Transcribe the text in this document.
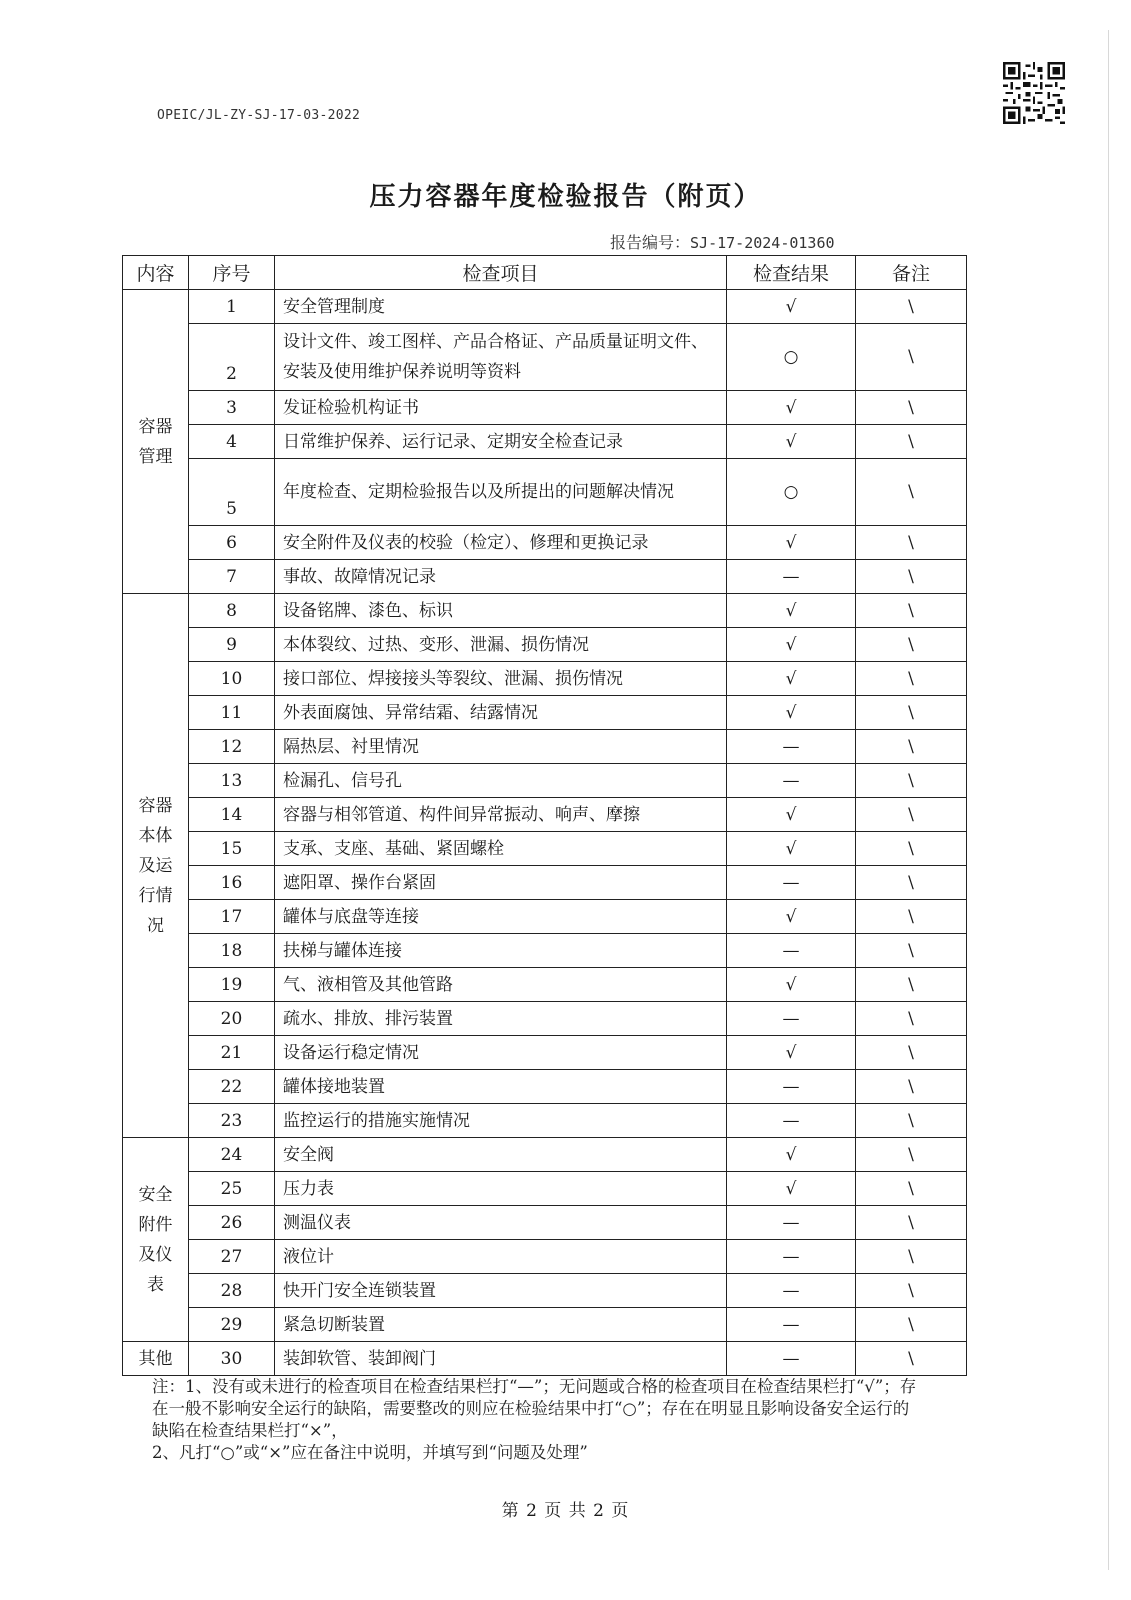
OPEIC/JL-ZY-SJ-17-03-2022
压力容器年度检验报告（附页）
报告编号：SJ-17-2024-01360
内容	序号	检查项目	检查结果	备注
容器管理	1	安全管理制度	√	\
	2	设计文件、竣工图样、产品合格证、产品质量证明文件、安装及使用维护保养说明等资料	○	\
	3	发证检验机构证书	√	\
	4	日常维护保养、运行记录、定期安全检查记录	√	\
	5	年度检查、定期检验报告以及所提出的问题解决情况	○	\
	6	安全附件及仪表的校验（检定）、修理和更换记录	√	\
	7	事故、故障情况记录	—	\
容器本体及运行情况	8	设备铭牌、漆色、标识	√	\
	9	本体裂纹、过热、变形、泄漏、损伤情况	√	\
	10	接口部位、焊接接头等裂纹、泄漏、损伤情况	√	\
	11	外表面腐蚀、异常结霜、结露情况	√	\
	12	隔热层、衬里情况	—	\
	13	检漏孔、信号孔	—	\
	14	容器与相邻管道、构件间异常振动、响声、摩擦	√	\
	15	支承、支座、基础、紧固螺栓	√	\
	16	遮阳罩、操作台紧固	—	\
	17	罐体与底盘等连接	√	\
	18	扶梯与罐体连接	—	\
	19	气、液相管及其他管路	√	\
	20	疏水、排放、排污装置	—	\
	21	设备运行稳定情况	√	\
	22	罐体接地装置	—	\
	23	监控运行的措施实施情况	—	\
安全附件及仪表	24	安全阀	√	\
	25	压力表	√	\
	26	测温仪表	—	\
	27	液位计	—	\
	28	快开门安全连锁装置	—	\
	29	紧急切断装置	—	\
其他	30	装卸软管、装卸阀门	—	\

注：1、没有或未进行的检查项目在检查结果栏打“—”；无问题或合格的检查项目在检查结果栏打“√”；存在一般不影响安全运行的缺陷，需要整改的则应在检验结果中打“○”；存在在明显且影响设备安全运行的缺陷在检查结果栏打“×”，

2、凡打“○”或“×”应在备注中说明，并填写到“问题及处理”

第 2 页 共 2 页
